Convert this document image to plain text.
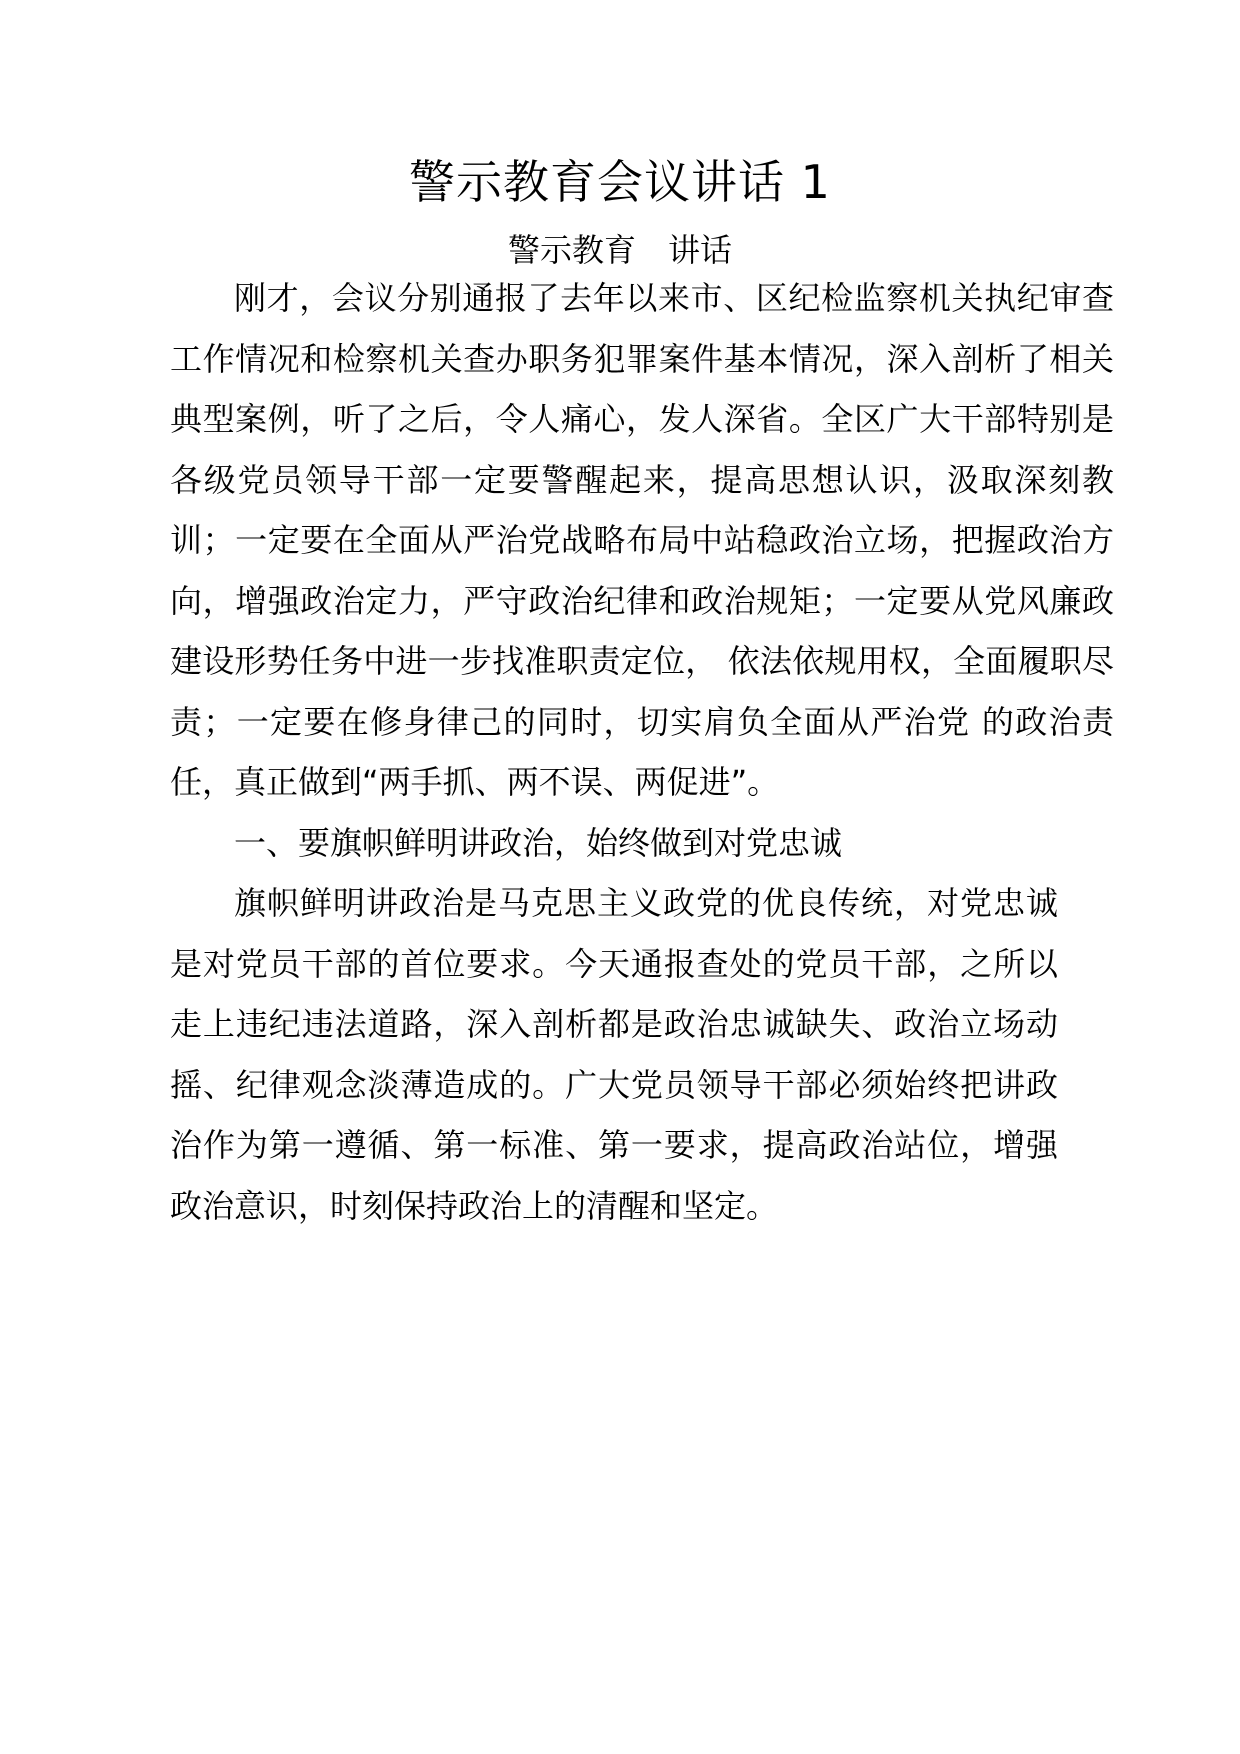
警示教育会议讲话 1
警示教育 讲话

刚才，会议分别通报了去年以来市、区纪检监察机关执纪审查工作情况和检察机关查办职务犯罪案件基本情况，深入剖析了相关典型案例，听了之后，令人痛心，发人深省。全区广大干部特别是各级党员领导干部一定要警醒起来，提高思想认识，汲取深刻教训；一定要在全面从严治党战略布局中站稳政治立场，把握政治方向，增强政治定力，严守政治纪律和政治规矩；一定要从党风廉政建设形势任务中进一步找准职责定位， 依法依规用权，全面履职尽责；一定要在修身律己的同时，切实肩负全面从严治党 的政治责任，真正做到“两手抓、两不误、两促进”。

一、要旗帜鲜明讲政治，始终做到对党忠诚

旗帜鲜明讲政治是马克思主义政党的优良传统，对党忠诚是对党员干部的首位要求。今天通报查处的党员干部，之所以走上违纪违法道路，深入剖析都是政治忠诚缺失、政治立场动摇、纪律观念淡薄造成的。广大党员领导干部必须始终把讲政治作为第一遵循、第一标准、第一要求，提高政治站位，增强政治意识，时刻保持政治上的清醒和坚定。
